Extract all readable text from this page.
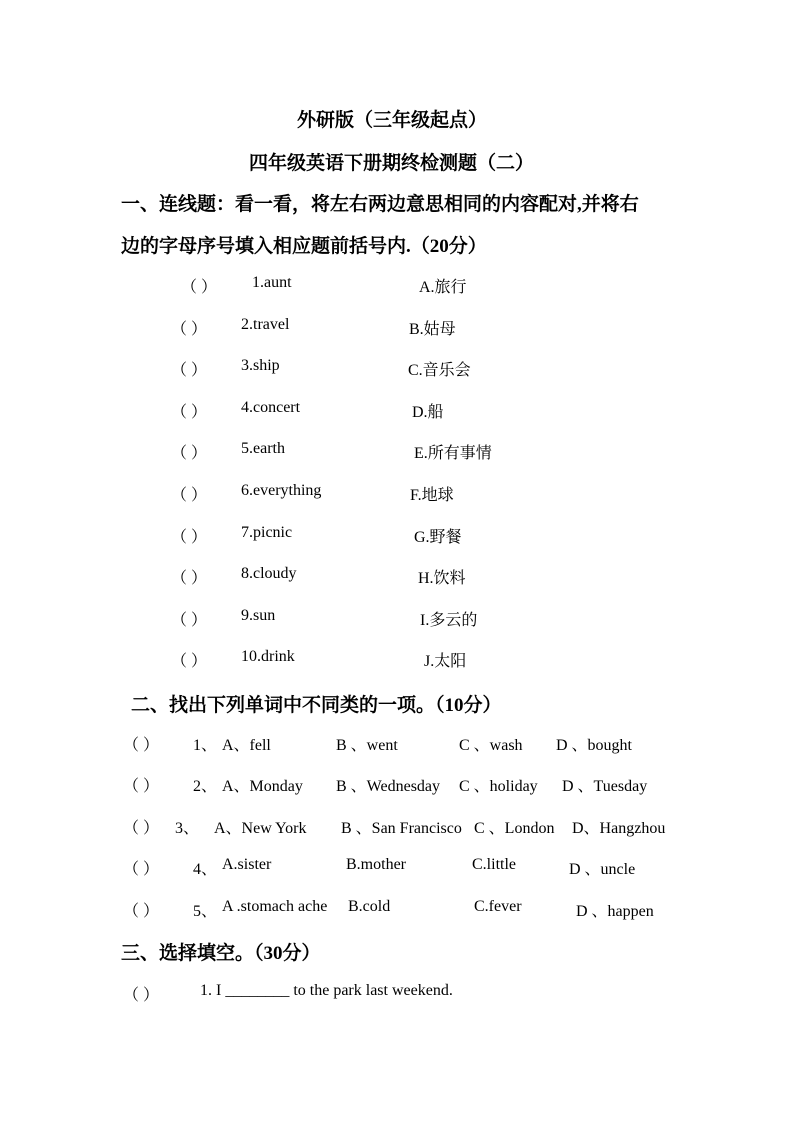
外研版（三年级起点）
四年级英语下册期终检测题（二）
一、连线题：看一看，将左右两边意思相同的内容配对,并将右
边的字母序号填入相应题前括号内.（20分）
（ ） 1.aunt	A.旅行
（ ） 2.travel	B.姑母
（ ） 3.ship	C.音乐会
（ ） 4.concert	D.船
（ ） 5.earth	E.所有事情
（ ） 6.everything	F.地球
（ ） 7.picnic	G.野餐
（ ） 8.cloudy	H.饮料
（ ） 9.sun	I.多云的
（ ） 10.drink	J.太阳
二、找出下列单词中不同类的一项。（10分）
（ ） 1、 A、fell	B 、went	C 、wash D 、bought
（ ） 2、 A、Monday B 、Wednesday C 、holiday D 、Tuesday
（ ） 3、 A、New York B 、San Francisco C 、London D、Hangzhou
（ ） 4、 A.sister	B.mother	C.little	D 、uncle
（ ） 5、 A .stomach ache B.cold	C.fever	D 、happen
三、选择填空。（30分）
（ ）	1. I ________ to the park last weekend.
